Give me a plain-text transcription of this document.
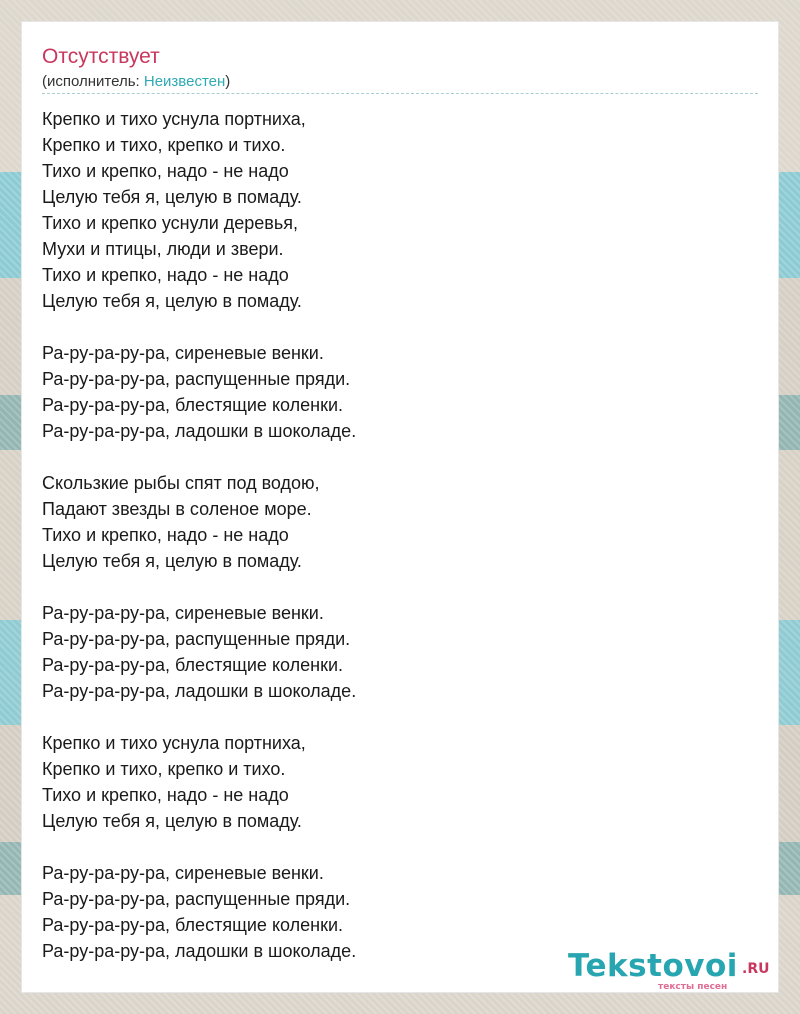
Отсутствует
(исполнитель: Неизвестен)
Крепко и тихо уснула портниха,
Крепко и тихо, крепко и тихо.
Тихо и крепко, надо - не надо
Целую тебя я, целую в помаду.
Тихо и крепко уснули деревья,
Мухи и птицы, люди и звери.
Тихо и крепко, надо - не надо
Целую тебя я, целую в помаду.
Ра-ру-ра-ру-ра, сиреневые венки.
Ра-ру-ра-ру-ра, распущенные пряди.
Ра-ру-ра-ру-ра, блестящие коленки.
Ра-ру-ра-ру-ра, ладошки в шоколаде.
Скользкие рыбы спят под водою,
Падают звезды в соленое море.
Тихо и крепко, надо - не надо
Целую тебя я, целую в помаду.
Ра-ру-ра-ру-ра, сиреневые венки.
Ра-ру-ра-ру-ра, распущенные пряди.
Ра-ру-ра-ру-ра, блестящие коленки.
Ра-ру-ра-ру-ра, ладошки в шоколаде.
Крепко и тихо уснула портниха,
Крепко и тихо, крепко и тихо.
Тихо и крепко, надо - не надо
Целую тебя я, целую в помаду.
Ра-ру-ра-ру-ра, сиреневые венки.
Ра-ру-ра-ру-ра, распущенные пряди.
Ра-ру-ра-ру-ра, блестящие коленки.
Ра-ру-ра-ру-ра, ладошки в шоколаде.	Tekstovoi .RU
тексты песен
